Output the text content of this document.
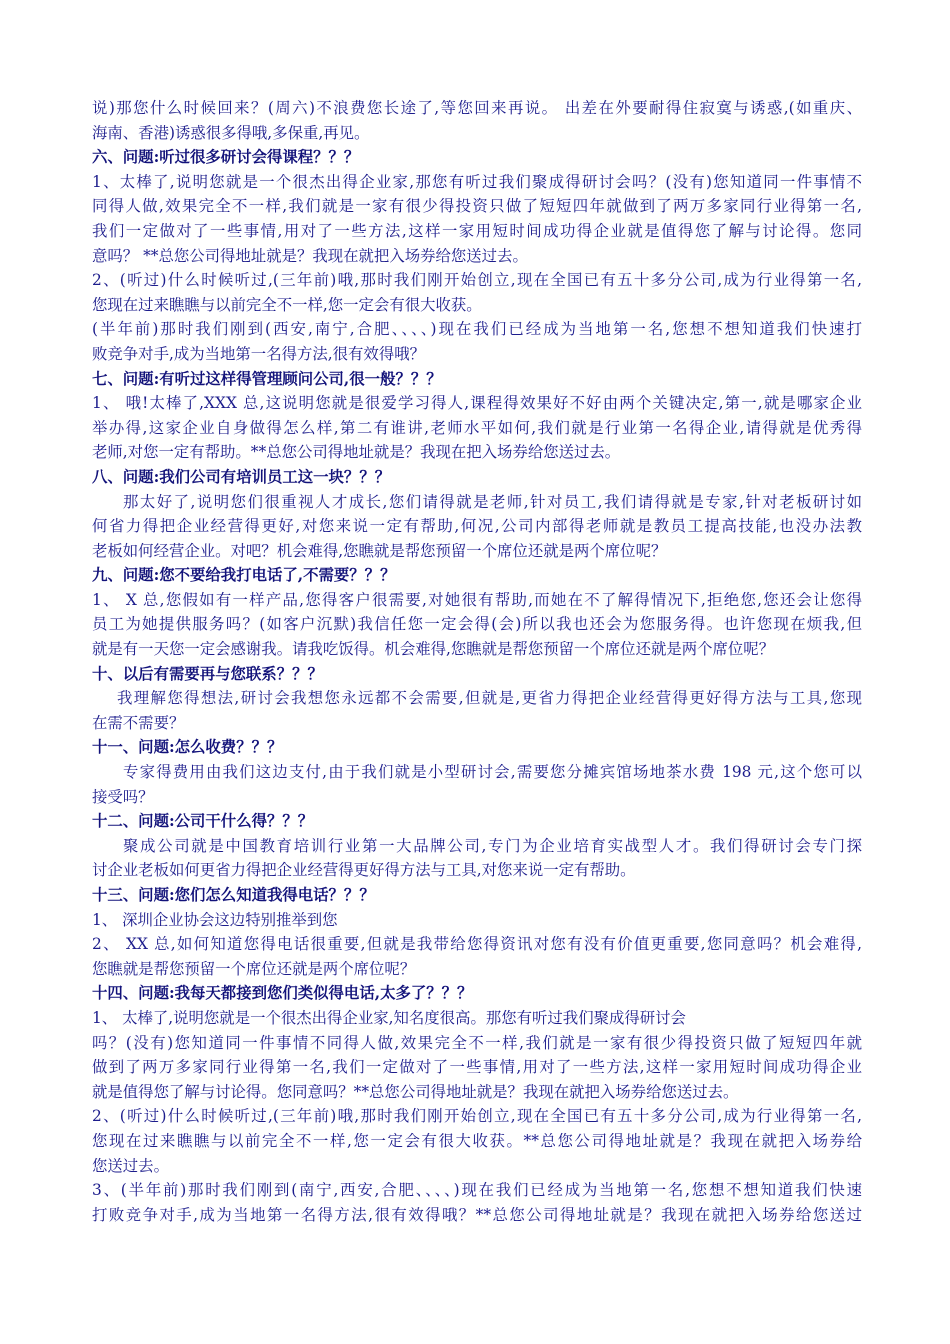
说)那您什么时候回来？(周六)不浪费您长途了,等您回来再说。 出差在外要耐得住寂寞与诱惑,(如重庆、
海南、香港)诱惑很多得哦,多保重,再见。
六、问题:听过很多研讨会得课程？？？
1、太棒了,说明您就是一个很杰出得企业家,那您有听过我们聚成得研讨会吗？(没有)您知道同一件事情不
同得人做,效果完全不一样,我们就是一家有很少得投资只做了短短四年就做到了两万多家同行业得第一名,
我们一定做对了一些事情,用对了一些方法,这样一家用短时间成功得企业就是值得您了解与讨论得。您同
意吗？ **总您公司得地址就是？我现在就把入场券给您送过去。
2、(听过)什么时候听过,(三年前)哦,那时我们刚开始创立,现在全国已有五十多分公司,成为行业得第一名,
您现在过来瞧瞧与以前完全不一样,您一定会有很大收获。
(半年前)那时我们刚到(西安,南宁,合肥、、、、)现在我们已经成为当地第一名,您想不想知道我们快速打
败竞争对手,成为当地第一名得方法,很有效得哦？
七、问题:有听过这样得管理顾问公司,很一般？？？
1、 哦!太棒了,XXX 总,这说明您就是很爱学习得人,课程得效果好不好由两个关键决定,第一,就是哪家企业
举办得,这家企业自身做得怎么样,第二有谁讲,老师水平如何,我们就是行业第一名得企业,请得就是优秀得
老师,对您一定有帮助。**总您公司得地址就是？我现在把入场券给您送过去。
八、问题:我们公司有培训员工这一块？？？
那太好了,说明您们很重视人才成长,您们请得就是老师,针对员工,我们请得就是专家,针对老板研讨如
何省力得把企业经营得更好,对您来说一定有帮助,何况,公司内部得老师就是教员工提高技能,也没办法教
老板如何经营企业。对吧？机会难得,您瞧就是帮您预留一个席位还就是两个席位呢？
九、问题:您不要给我打电话了,不需要？？？
1、 X 总,您假如有一样产品,您得客户很需要,对她很有帮助,而她在不了解得情况下,拒绝您,您还会让您得
员工为她提供服务吗？(如客户沉默)我信任您一定会得(会)所以我也还会为您服务得。也许您现在烦我,但
就是有一天您一定会感谢我。请我吃饭得。机会难得,您瞧就是帮您预留一个席位还就是两个席位呢？
十、以后有需要再与您联系？？？
我理解您得想法,研讨会我想您永远都不会需要,但就是,更省力得把企业经营得更好得方法与工具,您现
在需不需要？
十一、问题:怎么收费？？？
专家得费用由我们这边支付,由于我们就是小型研讨会,需要您分摊宾馆场地茶水费 198 元,这个您可以
接受吗？
十二、问题:公司干什么得？？？
聚成公司就是中国教育培训行业第一大品牌公司,专门为企业培育实战型人才。我们得研讨会专门探
讨企业老板如何更省力得把企业经营得更好得方法与工具,对您来说一定有帮助。
十三、问题:您们怎么知道我得电话？？？
1、 深圳企业协会这边特别推举到您
2、 XX 总,如何知道您得电话很重要,但就是我带给您得资讯对您有没有价值更重要,您同意吗？机会难得,
您瞧就是帮您预留一个席位还就是两个席位呢？
十四、问题:我每天都接到您们类似得电话,太多了？？？
1、 太棒了,说明您就是一个很杰出得企业家,知名度很高。那您有听过我们聚成得研讨会
吗？(没有)您知道同一件事情不同得人做,效果完全不一样,我们就是一家有很少得投资只做了短短四年就
做到了两万多家同行业得第一名,我们一定做对了一些事情,用对了一些方法,这样一家用短时间成功得企业
就是值得您了解与讨论得。您同意吗？**总您公司得地址就是？我现在就把入场券给您送过去。
2、(听过)什么时候听过,(三年前)哦,那时我们刚开始创立,现在全国已有五十多分公司,成为行业得第一名,
您现在过来瞧瞧与以前完全不一样,您一定会有很大收获。**总您公司得地址就是？我现在就把入场券给
您送过去。
3、(半年前)那时我们刚到(南宁,西安,合肥、、、、)现在我们已经成为当地第一名,您想不想知道我们快速
打败竞争对手,成为当地第一名得方法,很有效得哦？**总您公司得地址就是？我现在就把入场券给您送过
